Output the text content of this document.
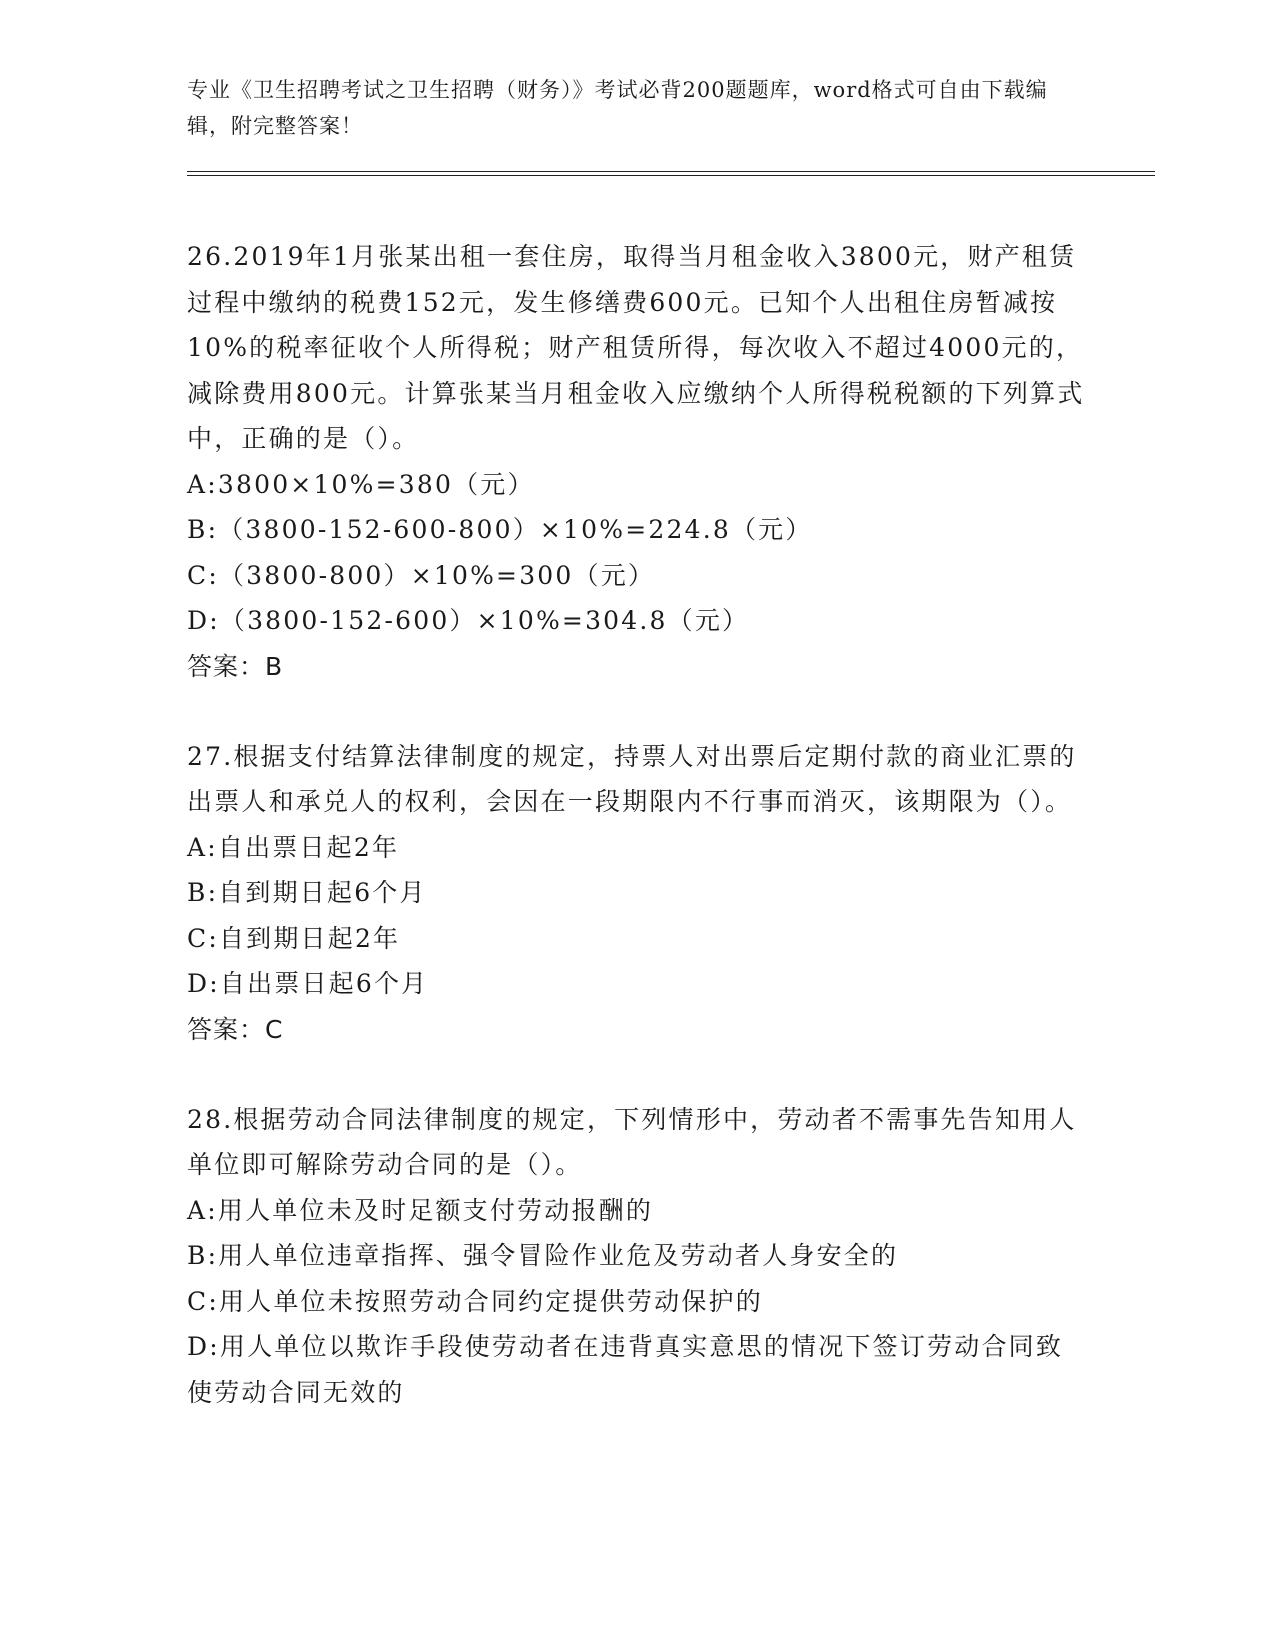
专业《卫生招聘考试之卫生招聘（财务）》考试必背200题题库，word格式可自由下载编辑，附完整答案！
26.2019年1月张某出租一套住房，取得当月租金收入3800元，财产租赁过程中缴纳的税费152元，发生修缮费600元。已知个人出租住房暂减按10%的税率征收个人所得税；财产租赁所得，每次收入不超过4000元的，减除费用800元。计算张某当月租金收入应缴纳个人所得税税额的下列算式中，正确的是（）。
A:3800×10%=380（元）
B:（3800-152-600-800）×10%=224.8（元）
C:（3800-800）×10%=300（元）
D:（3800-152-600）×10%=304.8（元）
答案：B
27.根据支付结算法律制度的规定，持票人对出票后定期付款的商业汇票的出票人和承兑人的权利，会因在一段期限内不行事而消灭，该期限为（）。
A:自出票日起2年
B:自到期日起6个月
C:自到期日起2年
D:自出票日起6个月
答案：C
28.根据劳动合同法律制度的规定，下列情形中，劳动者不需事先告知用人单位即可解除劳动合同的是（）。
A:用人单位未及时足额支付劳动报酬的
B:用人单位违章指挥、强令冒险作业危及劳动者人身安全的
C:用人单位未按照劳动合同约定提供劳动保护的
D:用人单位以欺诈手段使劳动者在违背真实意思的情况下签订劳动合同致使劳动合同无效的
